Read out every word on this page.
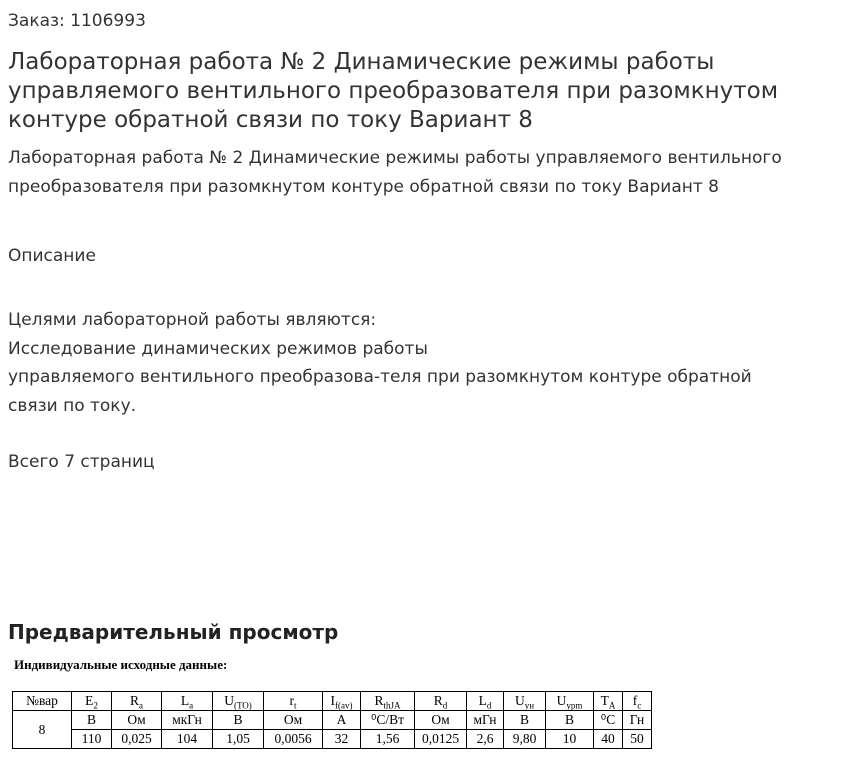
Заказ: 1106993
Лабораторная работа № 2 Динамические режимы работы управляемого вентильного преобразователя при разомкнутом контуре обратной связи по току Вариант 8
Лабораторная работа № 2 Динамические режимы работы управляемого вентильного преобразователя при разомкнутом контуре обратной связи по току Вариант 8
Описание
Целями лабораторной работы являются:
Исследование динамических режимов работы
управляемого вентильного преобразова-теля при разомкнутом контуре обратной
связи по току.
Всего 7 страниц
Предварительный просмотр
Индивидуальные исходные данные:
№вар	$E_2$	$R_a$	$L_a$	$U_{(TO)}$	$r_t$	$I_{f(av)}$	$R_{thJA}$	$R_d$	$L_d$	$U_{yн}$	$U_{ypm}$	$T_A$	$f_c$
8	В	Ом	мкГн	В	Ом	А	⁰С/Вт	Ом	мГн	В	В	⁰С	Гн
	110	0,025	104	1,05	0,0056	32	1,56	0,0125	2,6	9,80	10	40	50
